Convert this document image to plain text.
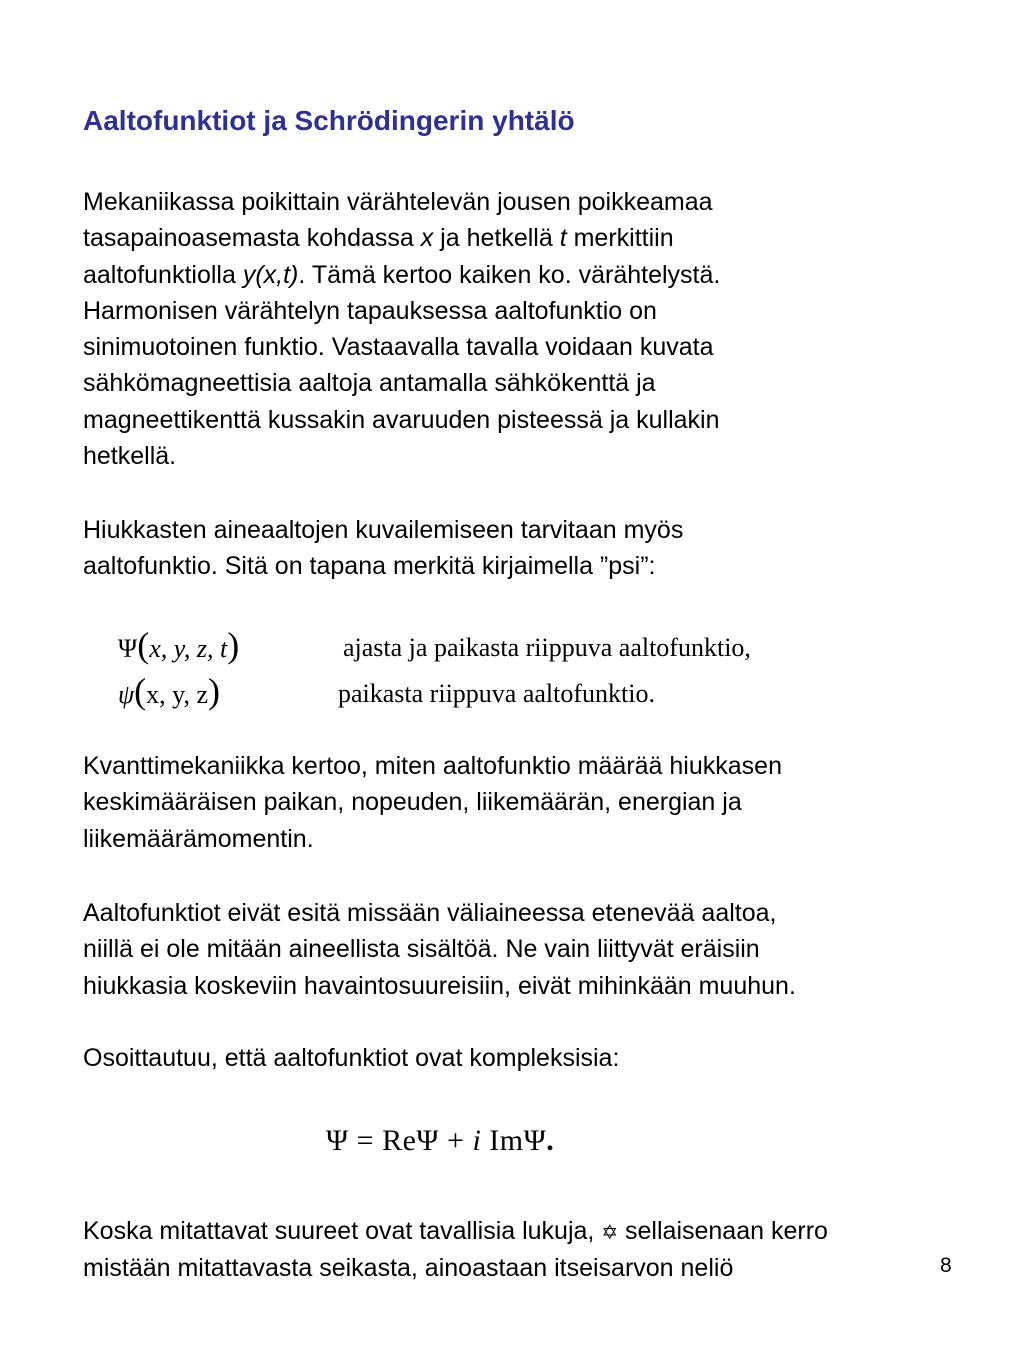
Aaltofunktiot ja Schrödingerin yhtälö
Mekaniikassa poikittain värähtelevän jousen poikkeamaa
tasapainoasemasta kohdassa x ja hetkellä t merkittiin
aaltofunktiolla y(x,t). Tämä kertoo kaiken ko. värähtelystä.
Harmonisen värähtelyn tapauksessa aaltofunktio on
sinimuotoinen funktio. Vastaavalla tavalla voidaan kuvata
sähkömagneettisia aaltoja antamalla sähkökenttä ja
magneettikenttä kussakin avaruuden pisteessä ja kullakin
hetkellä.
Hiukkasten aineaaltojen kuvailemiseen tarvitaan myös
aaltofunktio. Sitä on tapana merkitä kirjaimella ”psi”:
Ψ(x, y, z, t)	ajasta ja paikasta riippuva aaltofunktio,
ψ(x, y, z)	paikasta riippuva aaltofunktio.
Kvanttimekaniikka kertoo, miten aaltofunktio määrää hiukkasen
keskimääräisen paikan, nopeuden, liikemäärän, energian ja
liikemäärämomentin.
Aaltofunktiot eivät esitä missään väliaineessa etenevää aaltoa,
niillä ei ole mitään aineellista sisältöä. Ne vain liittyvät eräisiin
hiukkasia koskeviin havaintosuureisiin, eivät mihinkään muuhun.
Osoittautuu, että aaltofunktiot ovat kompleksisia:
Ψ = ReΨ + i ImΨ.
Koska mitattavat suureet ovat tavallisia lukuja, ✡ sellaisenaan kerro
mistään mitattavasta seikasta, ainoastaan itseisarvon neliö	8
